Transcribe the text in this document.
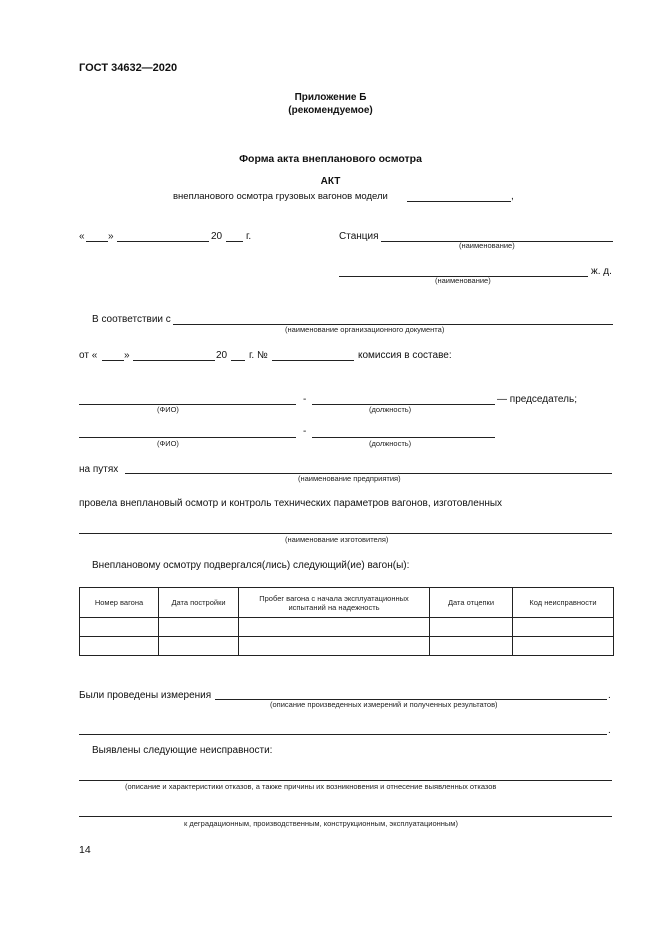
ГОСТ 34632—2020
Приложение Б
(рекомендуемое)
Форма акта внепланового осмотра
АКТ
внепланового осмотра грузовых вагонов модели	,
« »	20 г.	Станция
(наименование)
ж. д.
(наименование)
В соответствии с
(наименование организационного документа)
от «	»	20 г. №	комиссия в составе:
(ФИО)
-
(должность)
— председатель;
(ФИО)
-
(должность)
на путях
(наименование предприятия)
провела внеплановый осмотр и контроль технических параметров вагонов, изготовленных
(наименование изготовителя)
Внеплановому осмотру подвергался(лись) следующий(ие) вагон(ы):
Номер вагона	Дата постройки	Пробег вагона с начала эксплуатационных испытаний на надежность	Дата отцепки	Код неисправности

Были проведены измерения	.
(описание произведенных измерений и полученных результатов)
.
Выявлены следующие неисправности:
(описание и характеристики отказов, а также причины их возникновения и отнесение выявленных отказов
к деградационным, производственным, конструкционным, эксплуатационным)
14
